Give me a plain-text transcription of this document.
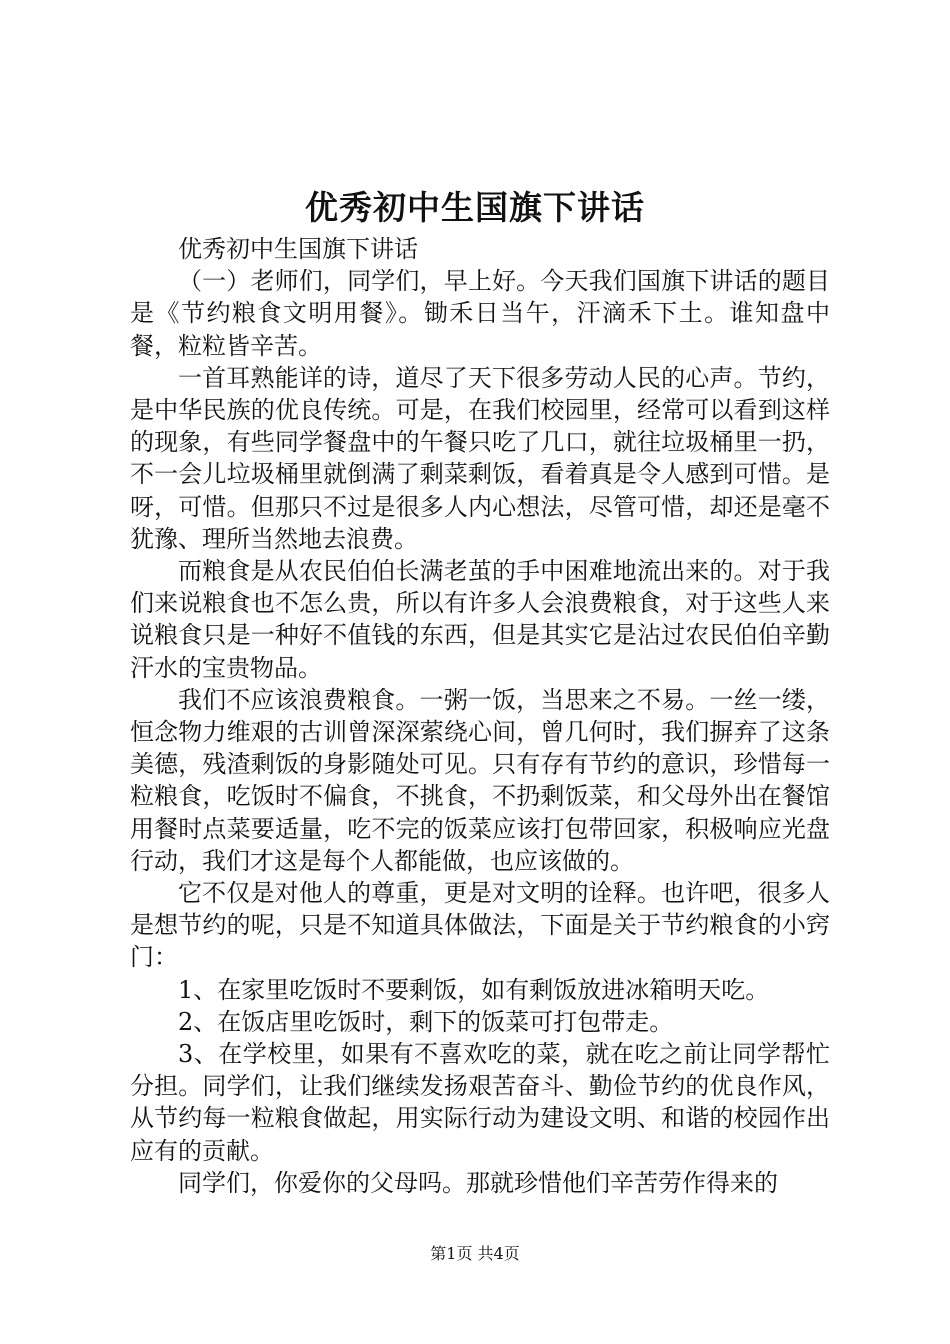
优秀初中生国旗下讲话

优秀初中生国旗下讲话

（一）老师们，同学们，早上好。今天我们国旗下讲话的题目是《节约粮食文明用餐》。锄禾日当午，汗滴禾下土。谁知盘中餐，粒粒皆辛苦。

一首耳熟能详的诗，道尽了天下很多劳动人民的心声。节约，是中华民族的优良传统。可是，在我们校园里，经常可以看到这样的现象，有些同学餐盘中的午餐只吃了几口，就往垃圾桶里一扔，不一会儿垃圾桶里就倒满了剩菜剩饭，看着真是令人感到可惜。是呀，可惜。但那只不过是很多人内心想法，尽管可惜，却还是毫不犹豫、理所当然地去浪费。

而粮食是从农民伯伯长满老茧的手中困难地流出来的。对于我们来说粮食也不怎么贵，所以有许多人会浪费粮食，对于这些人来说粮食只是一种好不值钱的东西，但是其实它是沾过农民伯伯辛勤汗水的宝贵物品。

我们不应该浪费粮食。一粥一饭，当思来之不易。一丝一缕，恒念物力维艰的古训曾深深萦绕心间，曾几何时，我们摒弃了这条美德，残渣剩饭的身影随处可见。只有存有节约的意识，珍惜每一粒粮食，吃饭时不偏食，不挑食，不扔剩饭菜，和父母外出在餐馆用餐时点菜要适量，吃不完的饭菜应该打包带回家，积极响应光盘行动，我们才这是每个人都能做，也应该做的。

它不仅是对他人的尊重，更是对文明的诠释。也许吧，很多人是想节约的呢，只是不知道具体做法，下面是关于节约粮食的小窍门：

1、在家里吃饭时不要剩饭，如有剩饭放进冰箱明天吃。

2、在饭店里吃饭时，剩下的饭菜可打包带走。

3、在学校里，如果有不喜欢吃的菜，就在吃之前让同学帮忙分担。同学们，让我们继续发扬艰苦奋斗、勤俭节约的优良作风，从节约每一粒粮食做起，用实际行动为建设文明、和谐的校园作出应有的贡献。

同学们，你爱你的父母吗。那就珍惜他们辛苦劳作得来的

第1页 共4页
